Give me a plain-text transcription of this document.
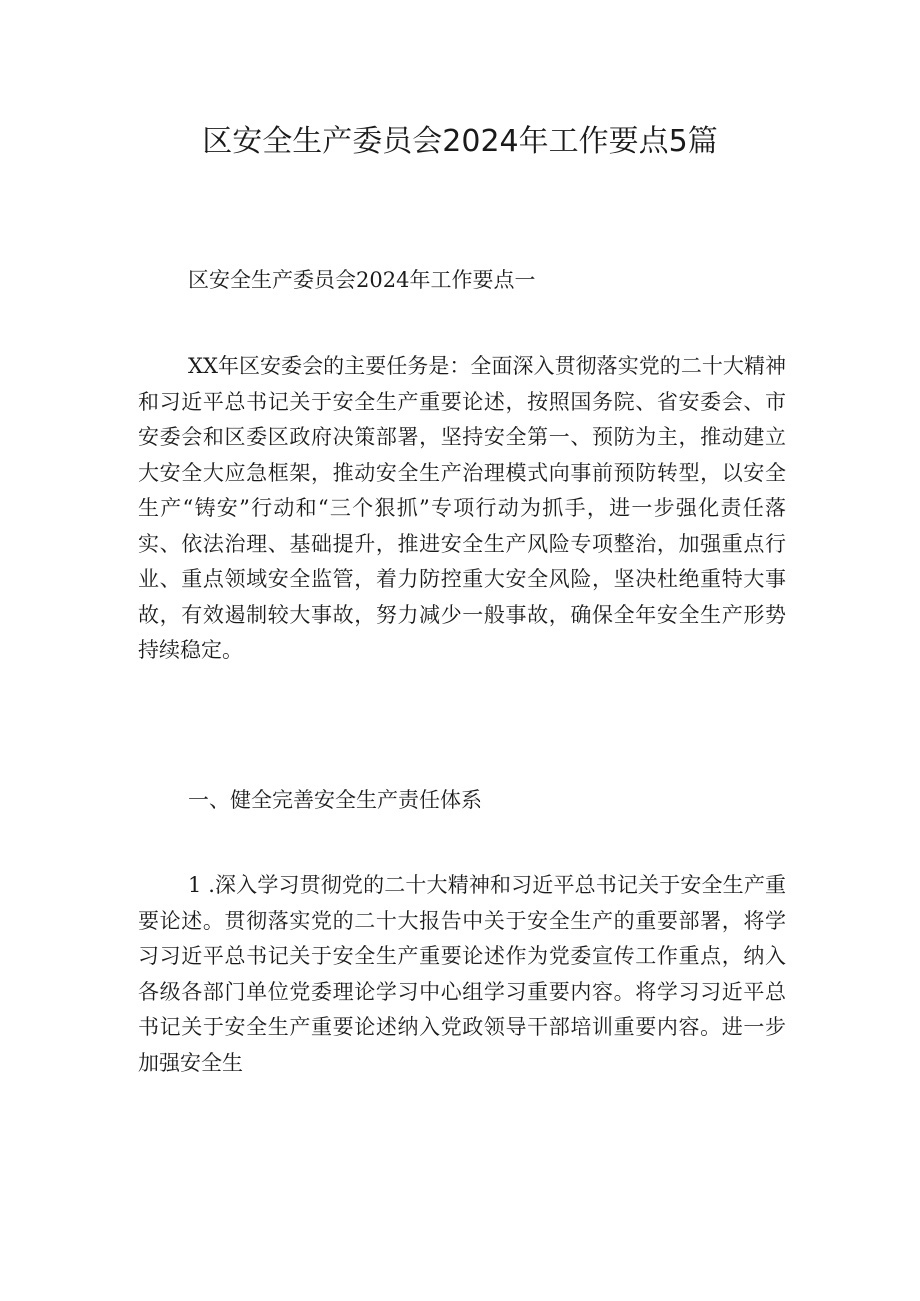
区安全生产委员会2024年工作要点5篇

区安全生产委员会2024年工作要点一

XX年区安委会的主要任务是：全面深入贯彻落实党的二十大精神和习近平总书记关于安全生产重要论述，按照国务院、省安委会、市安委会和区委区政府决策部署，坚持安全第一、预防为主，推动建立大安全大应急框架，推动安全生产治理模式向事前预防转型，以安全生产“铸安”行动和“三个狠抓”专项行动为抓手，进一步强化责任落实、依法治理、基础提升，推进安全生产风险专项整治，加强重点行业、重点领域安全监管，着力防控重大安全风险，坚决杜绝重特大事故，有效遏制较大事故，努力减少一般事故，确保全年安全生产形势持续稳定。

一、健全完善安全生产责任体系

1 .深入学习贯彻党的二十大精神和习近平总书记关于安全生产重要论述。贯彻落实党的二十大报告中关于安全生产的重要部署，将学习习近平总书记关于安全生产重要论述作为党委宣传工作重点，纳入各级各部门单位党委理论学习中心组学习重要内容。将学习习近平总书记关于安全生产重要论述纳入党政领导干部培训重要内容。进一步加强安全生
